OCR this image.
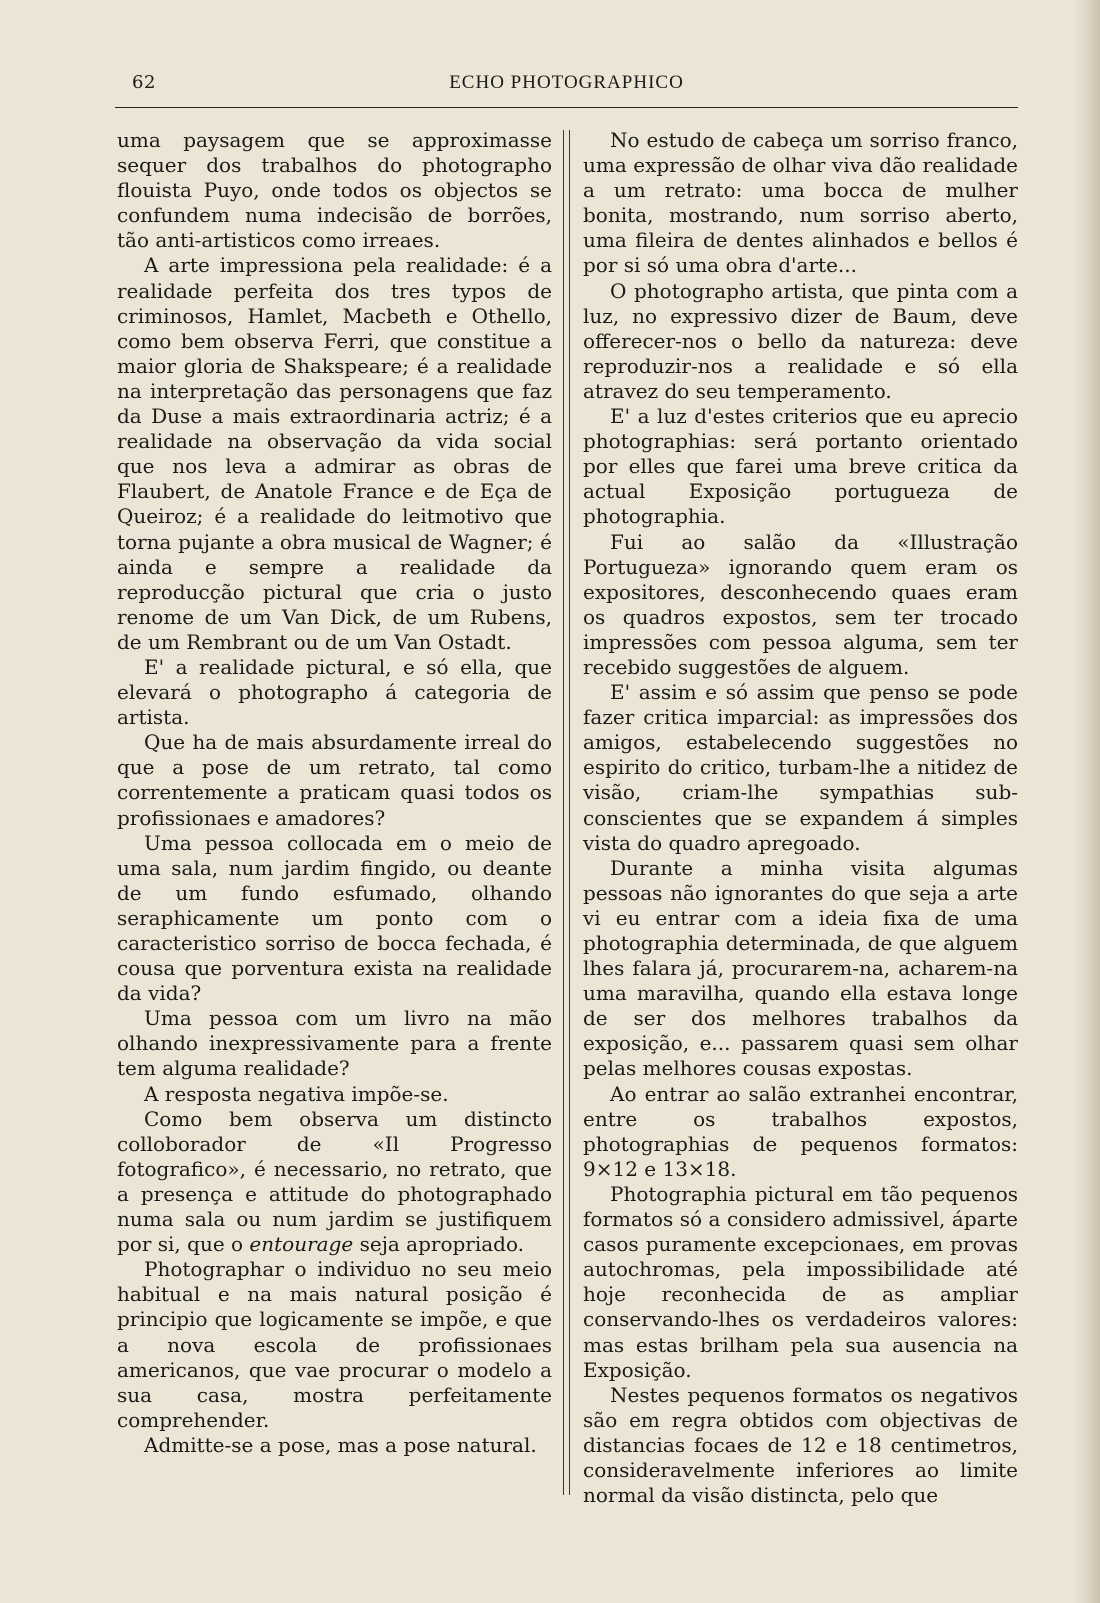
62	ECHO PHOTOGRAPHICO

uma paysagem que se approximasse sequer dos trabalhos do photographo flouista Puyo, onde todos os objectos se confundem numa indecisão de borrões, tão anti-artisticos como irreaes.

A arte impressiona pela realidade: é a realidade perfeita dos tres typos de criminosos, Hamlet, Macbeth e Othello, como bem observa Ferri, que constitue a maior gloria de Shakspeare; é a realidade na interpretação das personagens que faz da Duse a mais extraordinaria actriz; é a realidade na observação da vida social que nos leva a admirar as obras de Flaubert, de Anatole France e de Eça de Queiroz; é a realidade do leitmotivo que torna pujante a obra musical de Wagner; é ainda e sempre a realidade da reproducção pictural que cria o justo renome de um Van Dick, de um Rubens, de um Rembrant ou de um Van Ostadt.

E' a realidade pictural, e só ella, que elevará o photographo á categoria de artista.

Que ha de mais absurdamente irreal do que a pose de um retrato, tal como correntemente a praticam quasi todos os profissionaes e amadores?

Uma pessoa collocada em o meio de uma sala, num jardim fingido, ou deante de um fundo esfumado, olhando seraphicamente um ponto com o caracteristico sorriso de bocca fechada, é cousa que porventura exista na realidade da vida?

Uma pessoa com um livro na mão olhando inexpressivamente para a frente tem alguma realidade?

A resposta negativa impõe-se.

Como bem observa um distincto colloborador de «Il Progresso fotografico», é necessario, no retrato, que a presença e attitude do photographado numa sala ou num jardim se justifiquem por si, que o entourage seja apropriado.

Photographar o individuo no seu meio habitual e na mais natural posição é principio que logicamente se impõe, e que a nova escola de profissionaes americanos, que vae procurar o modelo a sua casa, mostra perfeitamente comprehender.

Admitte-se a pose, mas a pose natural.

No estudo de cabeça um sorriso franco, uma expressão de olhar viva dão realidade a um retrato: uma bocca de mulher bonita, mostrando, num sorriso aberto, uma fileira de dentes alinhados e bellos é por si só uma obra d'arte...

O photographo artista, que pinta com a luz, no expressivo dizer de Baum, deve offerecer-nos o bello da natureza: deve reproduzir-nos a realidade e só ella atravez do seu temperamento.

E' a luz d'estes criterios que eu aprecio photographias: será portanto orientado por elles que farei uma breve critica da actual Exposição portugueza de photographia.

Fui ao salão da «Illustração Portugueza» ignorando quem eram os expositores, desconhecendo quaes eram os quadros expostos, sem ter trocado impressões com pessoa alguma, sem ter recebido suggestões de alguem.

E' assim e só assim que penso se pode fazer critica imparcial: as impressões dos amigos, estabelecendo suggestões no espirito do critico, turbam-lhe a nitidez de visão, criam-lhe sympathias sub-conscientes que se expandem á simples vista do quadro apregoado.

Durante a minha visita algumas pessoas não ignorantes do que seja a arte vi eu entrar com a ideia fixa de uma photographia determinada, de que alguem lhes falara já, procurarem-na, acharem-na uma maravilha, quando ella estava longe de ser dos melhores trabalhos da exposição, e... passarem quasi sem olhar pelas melhores cousas expostas.

Ao entrar ao salão extranhei encontrar, entre os trabalhos expostos, photographias de pequenos formatos: 9×12 e 13×18.

Photographia pictural em tão pequenos formatos só a considero admissivel, áparte casos puramente excepcionaes, em provas autochromas, pela impossibilidade até hoje reconhecida de as ampliar conservando-lhes os verdadeiros valores: mas estas brilham pela sua ausencia na Exposição.

Nestes pequenos formatos os negativos são em regra obtidos com objectivas de distancias focaes de 12 e 18 centimetros, consideravelmente inferiores ao limite normal da visão distincta, pelo que
